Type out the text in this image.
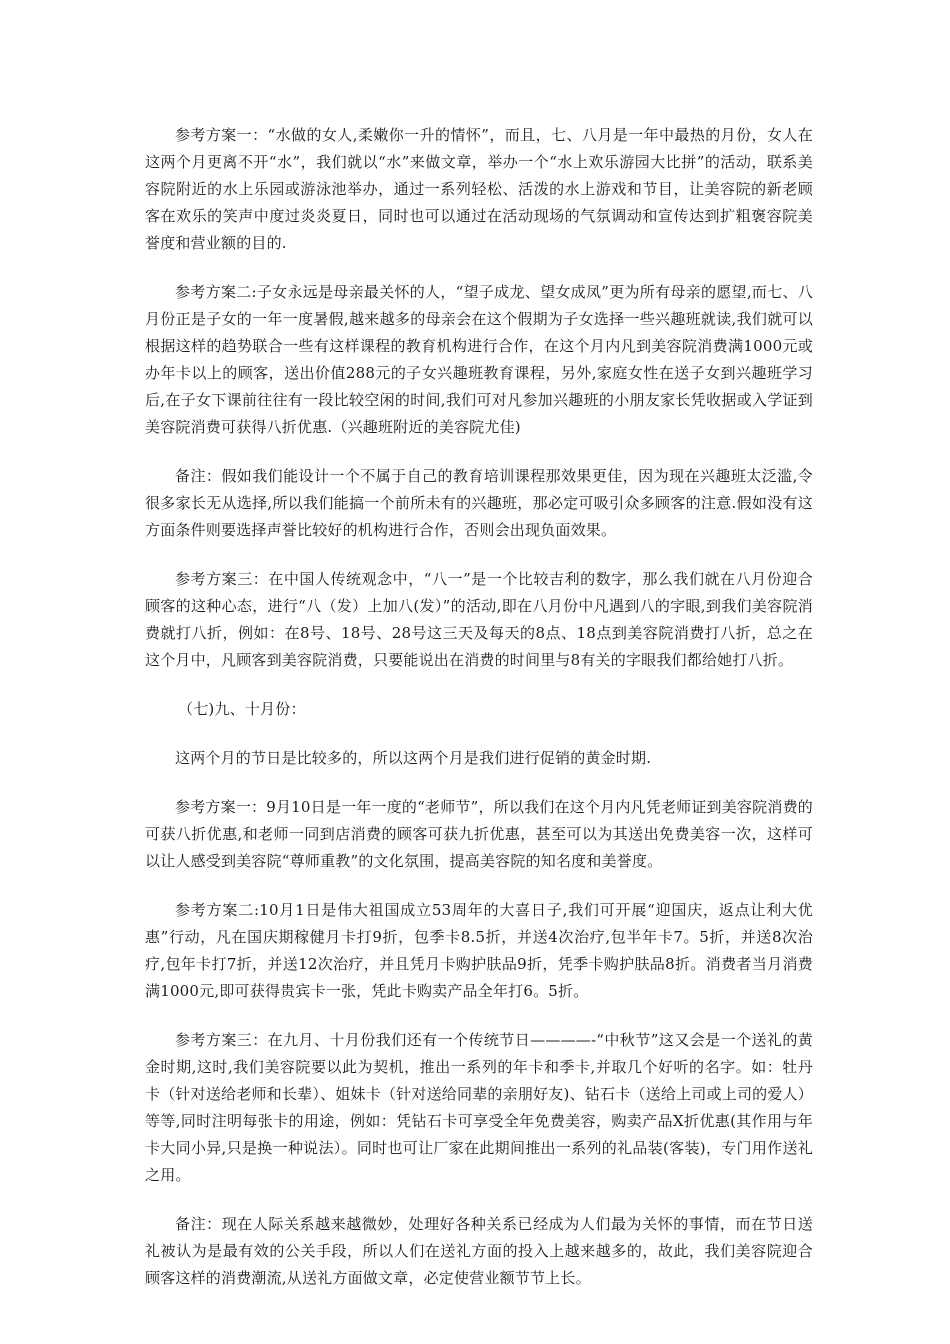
参考方案一：“水做的女人,柔嫩你一升的情怀”，而且，七、八月是一年中最热的月份，女人在这两个月更离不开“水”，我们就以“水”来做文章，举办一个“水上欢乐游园大比拼”的活动，联系美容院附近的水上乐园或游泳池举办，通过一系列轻松、活泼的水上游戏和节目，让美容院的新老顾客在欢乐的笑声中度过炎炎夏日，同时也可以通过在活动现场的气氛调动和宣传达到扩粗褒容院美誉度和营业额的目的.

参考方案二:子女永远是母亲最关怀的人，“望子成龙、望女成凤”更为所有母亲的愿望,而七、八月份正是子女的一年一度暑假,越来越多的母亲会在这个假期为子女选择一些兴趣班就读,我们就可以根据这样的趋势联合一些有这样课程的教育机构进行合作，在这个月内凡到美容院消费满1000元或办年卡以上的顾客，送出价值288元的子女兴趣班教育课程，另外,家庭女性在送子女到兴趣班学习后,在子女下课前往往有一段比较空闲的时间,我们可对凡参加兴趣班的小朋友家长凭收据或入学证到美容院消费可获得八折优惠.（兴趣班附近的美容院尤佳)

备注：假如我们能设计一个不属于自己的教育培训课程那效果更佳，因为现在兴趣班太泛滥,令很多家长无从选择,所以我们能搞一个前所未有的兴趣班，那必定可吸引众多顾客的注意.假如没有这方面条件则要选择声誉比较好的机构进行合作，否则会出现负面效果。

参考方案三：在中国人传统观念中，“八一”是一个比较吉利的数字，那么我们就在八月份迎合顾客的这种心态，进行“八（发）上加八(发）”的活动,即在八月份中凡遇到八的字眼,到我们美容院消费就打八折，例如：在8号、18号、28号这三天及每天的8点、18点到美容院消费打八折，总之在这个月中，凡顾客到美容院消费，只要能说出在消费的时间里与8有关的字眼我们都给她打八折。

（七)九、十月份：

这两个月的节日是比较多的，所以这两个月是我们进行促销的黄金时期.

参考方案一：9月10日是一年一度的“老师节”，所以我们在这个月内凡凭老师证到美容院消费的可获八折优惠,和老师一同到店消费的顾客可获九折优惠，甚至可以为其送出免费美容一次，这样可以让人感受到美容院“尊师重教”的文化氛围，提高美容院的知名度和美誉度。

参考方案二:10月1日是伟大祖国成立53周年的大喜日子,我们可开展“迎国庆，返点让利大优惠”行动，凡在国庆期稼健月卡打9折，包季卡8.5折，并送4次治疗,包半年卡7。5折，并送8次治疗,包年卡打7折，并送12次治疗，并且凭月卡购护肤品9折，凭季卡购护肤品8折。消费者当月消费满1000元,即可获得贵宾卡一张，凭此卡购卖产品全年打6。5折。

参考方案三：在九月、十月份我们还有一个传统节日————-“中秋节”这又会是一个送礼的黄金时期,这时,我们美容院要以此为契机，推出一系列的年卡和季卡,并取几个好听的名字。如：牡丹卡（针对送给老师和长辈）、姐妹卡（针对送给同辈的亲朋好友)、钻石卡（送给上司或上司的爱人）等等,同时注明每张卡的用途，例如：凭钻石卡可享受全年免费美容，购卖产品X折优惠(其作用与年卡大同小异,只是换一种说法）。同时也可让厂家在此期间推出一系列的礼品装(客装)，专门用作送礼之用。

备注：现在人际关系越来越微妙，处理好各种关系已经成为人们最为关怀的事情，而在节日送礼被认为是最有效的公关手段，所以人们在送礼方面的投入上越来越多的，故此，我们美容院迎合顾客这样的消费潮流,从送礼方面做文章，必定使营业额节节上长。
